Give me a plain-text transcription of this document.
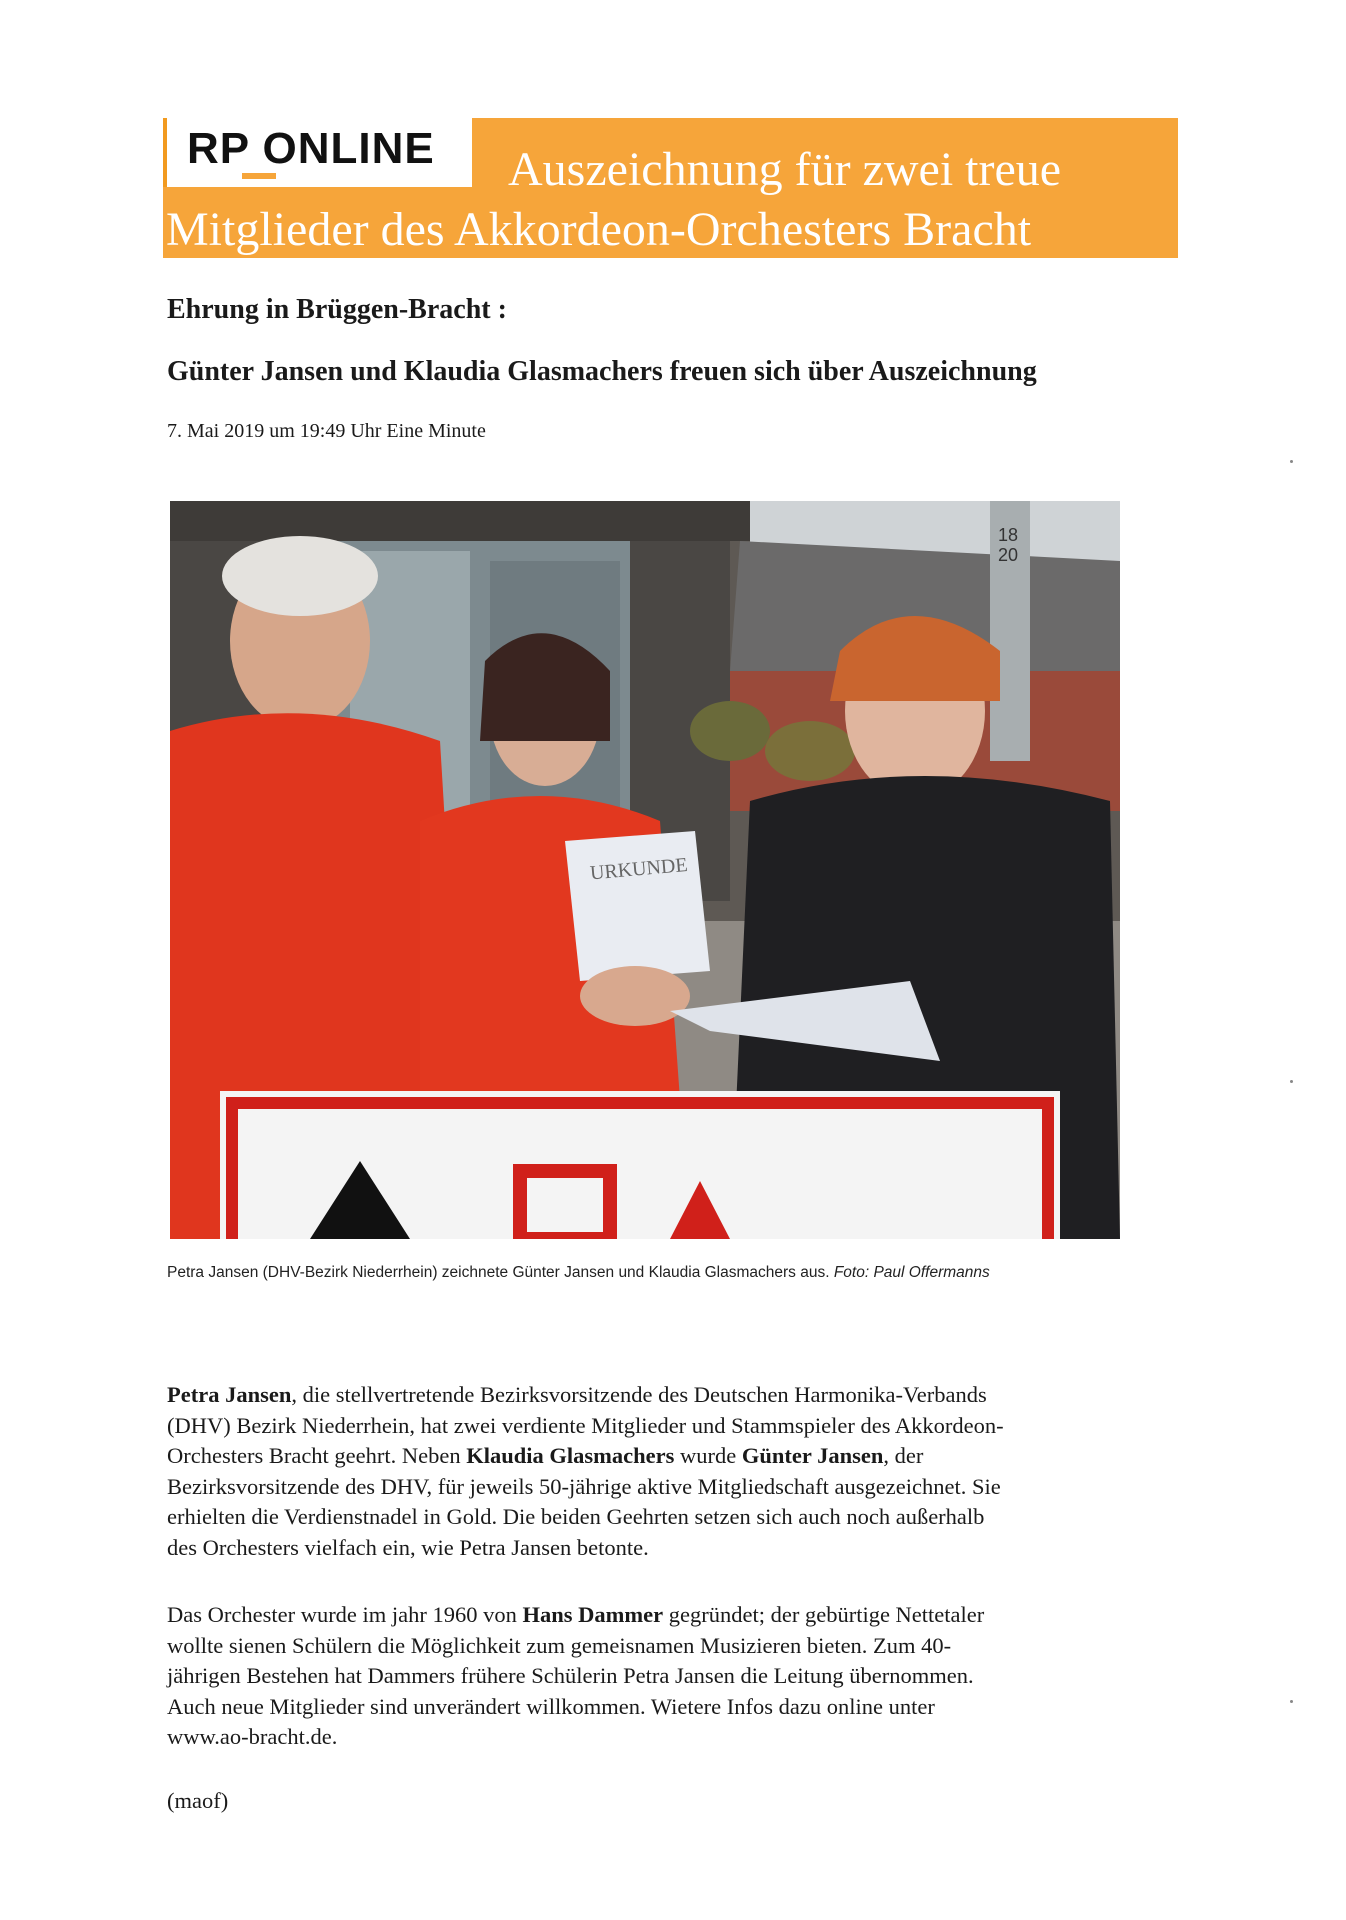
RP ONLINE	Auszeichnung für zwei treue
Mitglieder des Akkordeon-Orchesters Bracht
Ehrung in Brüggen-Bracht :
Günter Jansen und Klaudia Glasmachers freuen sich über Auszeichnung
7. Mai 2019 um 19:49 Uhr Eine Minute
URKUNDE
18
20
Petra Jansen (DHV-Bezirk Niederrhein) zeichnete Günter Jansen und Klaudia Glasmachers aus. Foto: Paul Offermanns
Petra Jansen, die stellvertretende Bezirksvorsitzende des Deutschen Harmonika-Verbands
(DHV) Bezirk Niederrhein, hat zwei verdiente Mitglieder und Stammspieler des Akkordeon-
Orchesters Bracht geehrt. Neben Klaudia Glasmachers wurde Günter Jansen, der
Bezirksvorsitzende des DHV, für jeweils 50-jährige aktive Mitgliedschaft ausgezeichnet. Sie
erhielten die Verdienstnadel in Gold. Die beiden Geehrten setzen sich auch noch außerhalb
des Orchesters vielfach ein, wie Petra Jansen betonte.
Das Orchester wurde im jahr 1960 von Hans Dammer gegründet; der gebürtige Nettetaler
wollte sienen Schülern die Möglichkeit zum gemeisnamen Musizieren bieten. Zum 40-
jährigen Bestehen hat Dammers frühere Schülerin Petra Jansen die Leitung übernommen.
Auch neue Mitglieder sind unverändert willkommen. Wietere Infos dazu online unter
www.ao-bracht.de.
(maof)
